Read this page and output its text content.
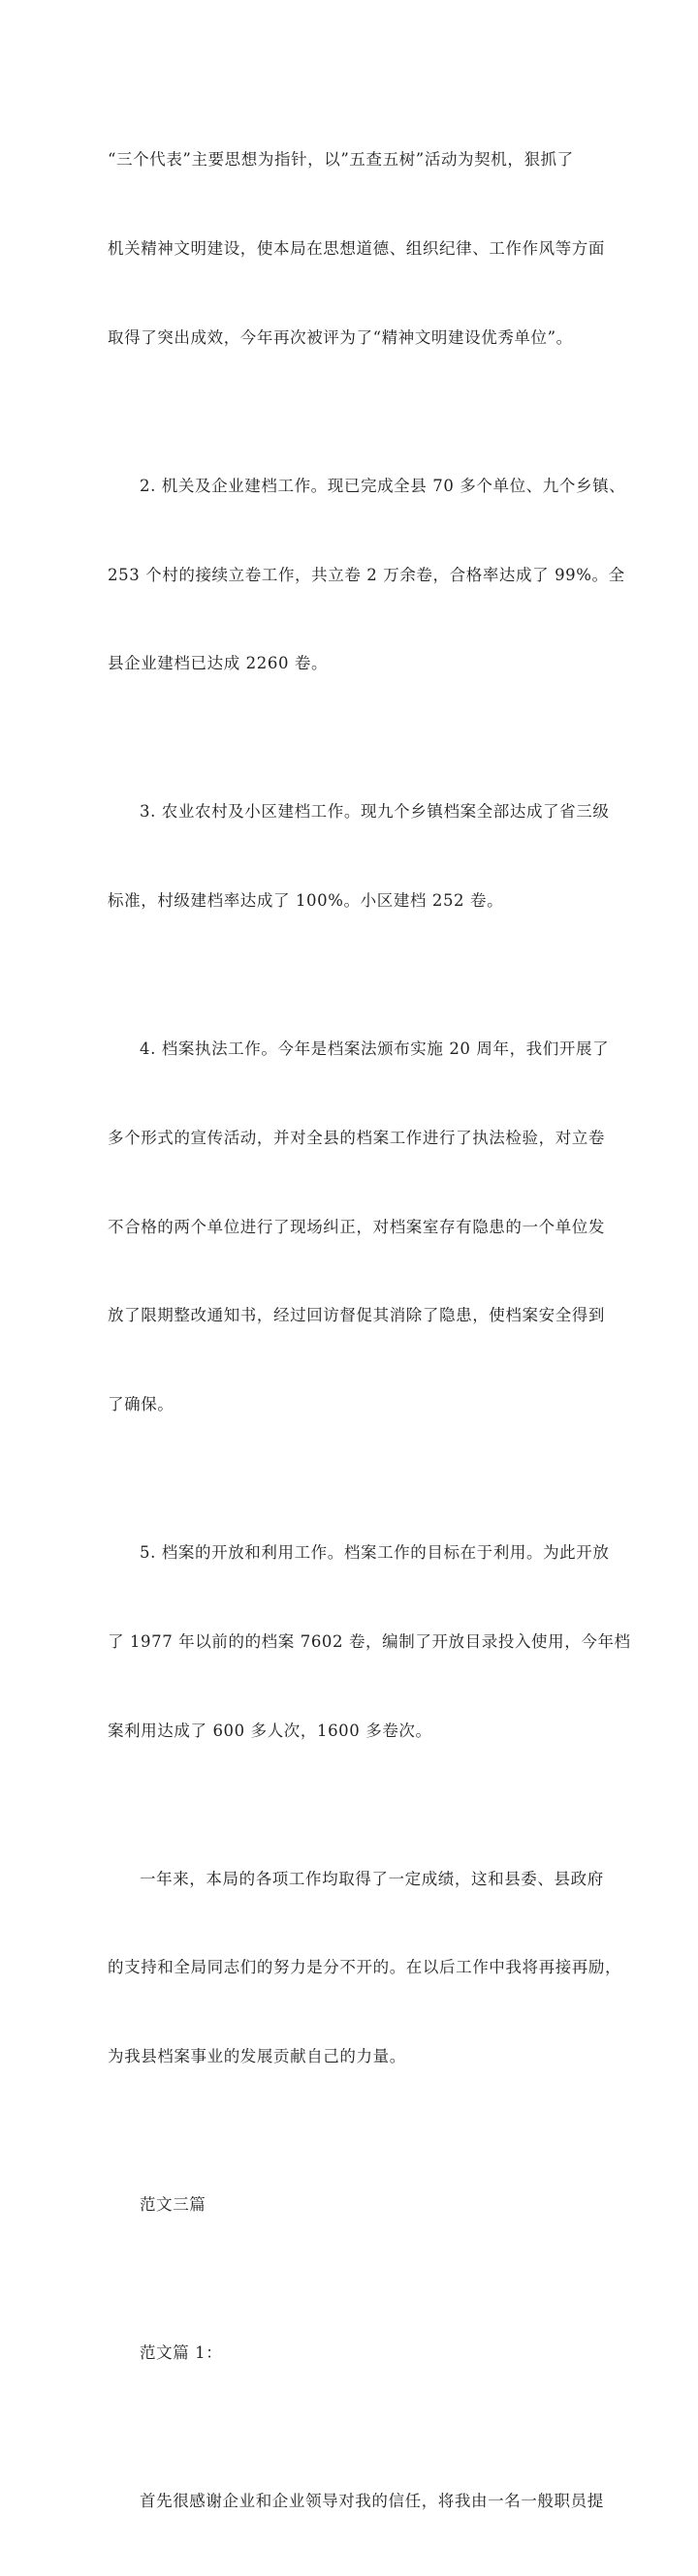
“三个代表”主要思想为指针，以”五查五树”活动为契机，狠抓了

机关精神文明建设，使本局在思想道德、组织纪律、工作作风等方面

取得了突出成效，今年再次被评为了“精神文明建设优秀单位”。

2. 机关及企业建档工作。现已完成全县 70 多个单位、九个乡镇、

253 个村的接续立卷工作，共立卷 2 万余卷，合格率达成了 99%。全

县企业建档已达成 2260 卷。

3. 农业农村及小区建档工作。现九个乡镇档案全部达成了省三级

标准，村级建档率达成了 100%。小区建档 252 卷。

4. 档案执法工作。今年是档案法颁布实施 20 周年，我们开展了

多个形式的宣传活动，并对全县的档案工作进行了执法检验，对立卷

不合格的两个单位进行了现场纠正，对档案室存有隐患的一个单位发

放了限期整改通知书，经过回访督促其消除了隐患，使档案安全得到

了确保。

5. 档案的开放和利用工作。档案工作的目标在于利用。为此开放

了 1977 年以前的的档案 7602 卷，编制了开放目录投入使用，今年档

案利用达成了 600 多人次，1600 多卷次。

一年来，本局的各项工作均取得了一定成绩，这和县委、县政府

的支持和全局同志们的努力是分不开的。在以后工作中我将再接再励，

为我县档案事业的发展贡献自己的力量。

范文三篇

范文篇 1：

首先很感谢企业和企业领导对我的信任，将我由一名一般职员提
